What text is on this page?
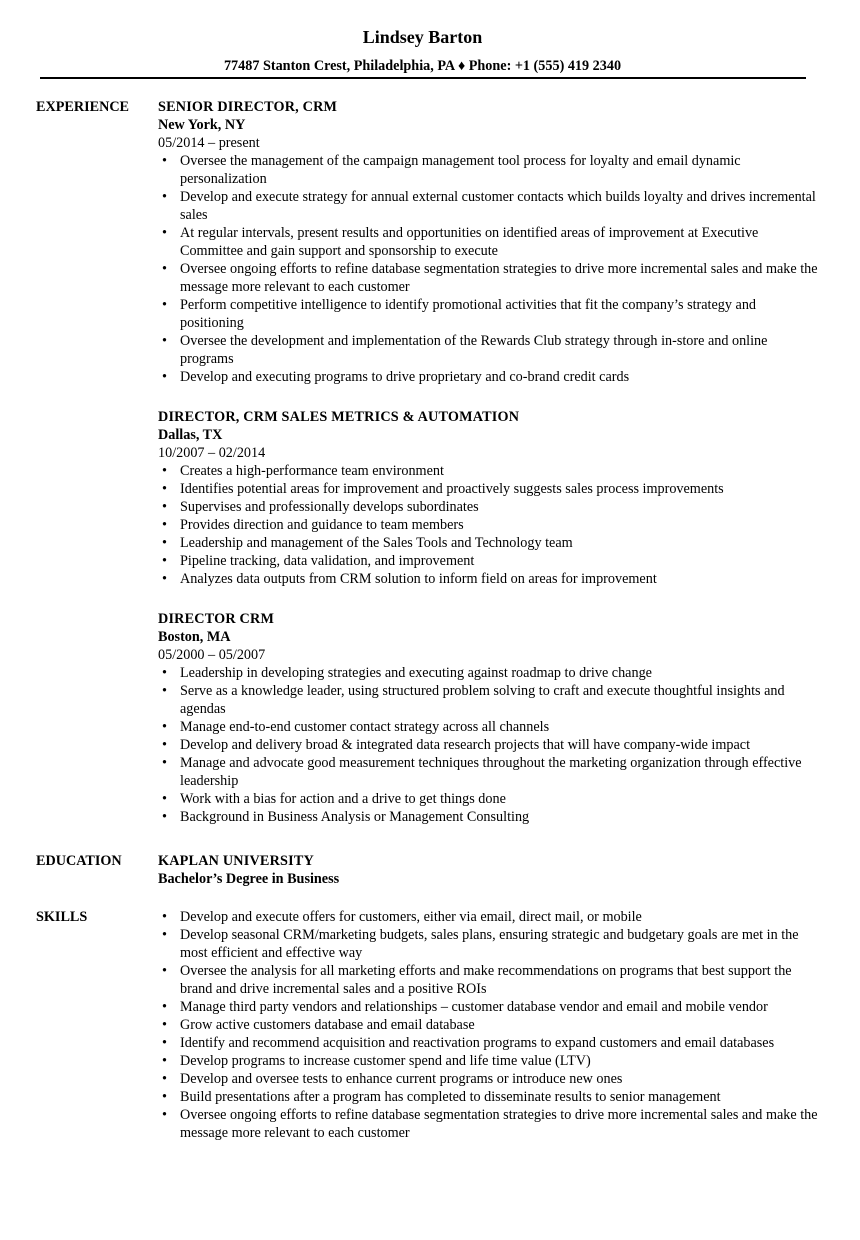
Lindsey Barton
77487 Stanton Crest, Philadelphia, PA ♦ Phone: +1 (555) 419 2340
EXPERIENCE SENIOR DIRECTOR, CRM
New York, NY
05/2014 – present
• Oversee the management of the campaign management tool process for loyalty and email dynamic personalization
• Develop and execute strategy for annual external customer contacts which builds loyalty and drives incremental sales
• At regular intervals, present results and opportunities on identified areas of improvement at Executive Committee and gain support and sponsorship to execute
• Oversee ongoing efforts to refine database segmentation strategies to drive more incremental sales and make the message more relevant to each customer
• Perform competitive intelligence to identify promotional activities that fit the company’s strategy and positioning
• Oversee the development and implementation of the Rewards Club strategy through in-store and online programs
• Develop and executing programs to drive proprietary and co-brand credit cards
DIRECTOR, CRM SALES METRICS & AUTOMATION
Dallas, TX
10/2007 – 02/2014
• Creates a high-performance team environment
• Identifies potential areas for improvement and proactively suggests sales process improvements
• Supervises and professionally develops subordinates
• Provides direction and guidance to team members
• Leadership and management of the Sales Tools and Technology team
• Pipeline tracking, data validation, and improvement
• Analyzes data outputs from CRM solution to inform field on areas for improvement
DIRECTOR CRM
Boston, MA
05/2000 – 05/2007
• Leadership in developing strategies and executing against roadmap to drive change
• Serve as a knowledge leader, using structured problem solving to craft and execute thoughtful insights and agendas
• Manage end-to-end customer contact strategy across all channels
• Develop and delivery broad & integrated data research projects that will have company-wide impact
• Manage and advocate good measurement techniques throughout the marketing organization through effective leadership
• Work with a bias for action and a drive to get things done
• Background in Business Analysis or Management Consulting
EDUCATION	KAPLAN UNIVERSITY
Bachelor’s Degree in Business
SKILLS
•	Develop and execute offers for customers, either via email, direct mail, or mobile
• Develop seasonal CRM/marketing budgets, sales plans, ensuring strategic and budgetary goals are met in the most efficient and effective way
• Oversee the analysis for all marketing efforts and make recommendations on programs that best support the brand and drive incremental sales and a positive ROIs
• Manage third party vendors and relationships – customer database vendor and email and mobile vendor
• Grow active customers database and email database
• Identify and recommend acquisition and reactivation programs to expand customers and email databases
• Develop programs to increase customer spend and life time value (LTV)
• Develop and oversee tests to enhance current programs or introduce new ones
• Build presentations after a program has completed to disseminate results to senior management
• Oversee ongoing efforts to refine database segmentation strategies to drive more incremental sales and make the message more relevant to each customer
